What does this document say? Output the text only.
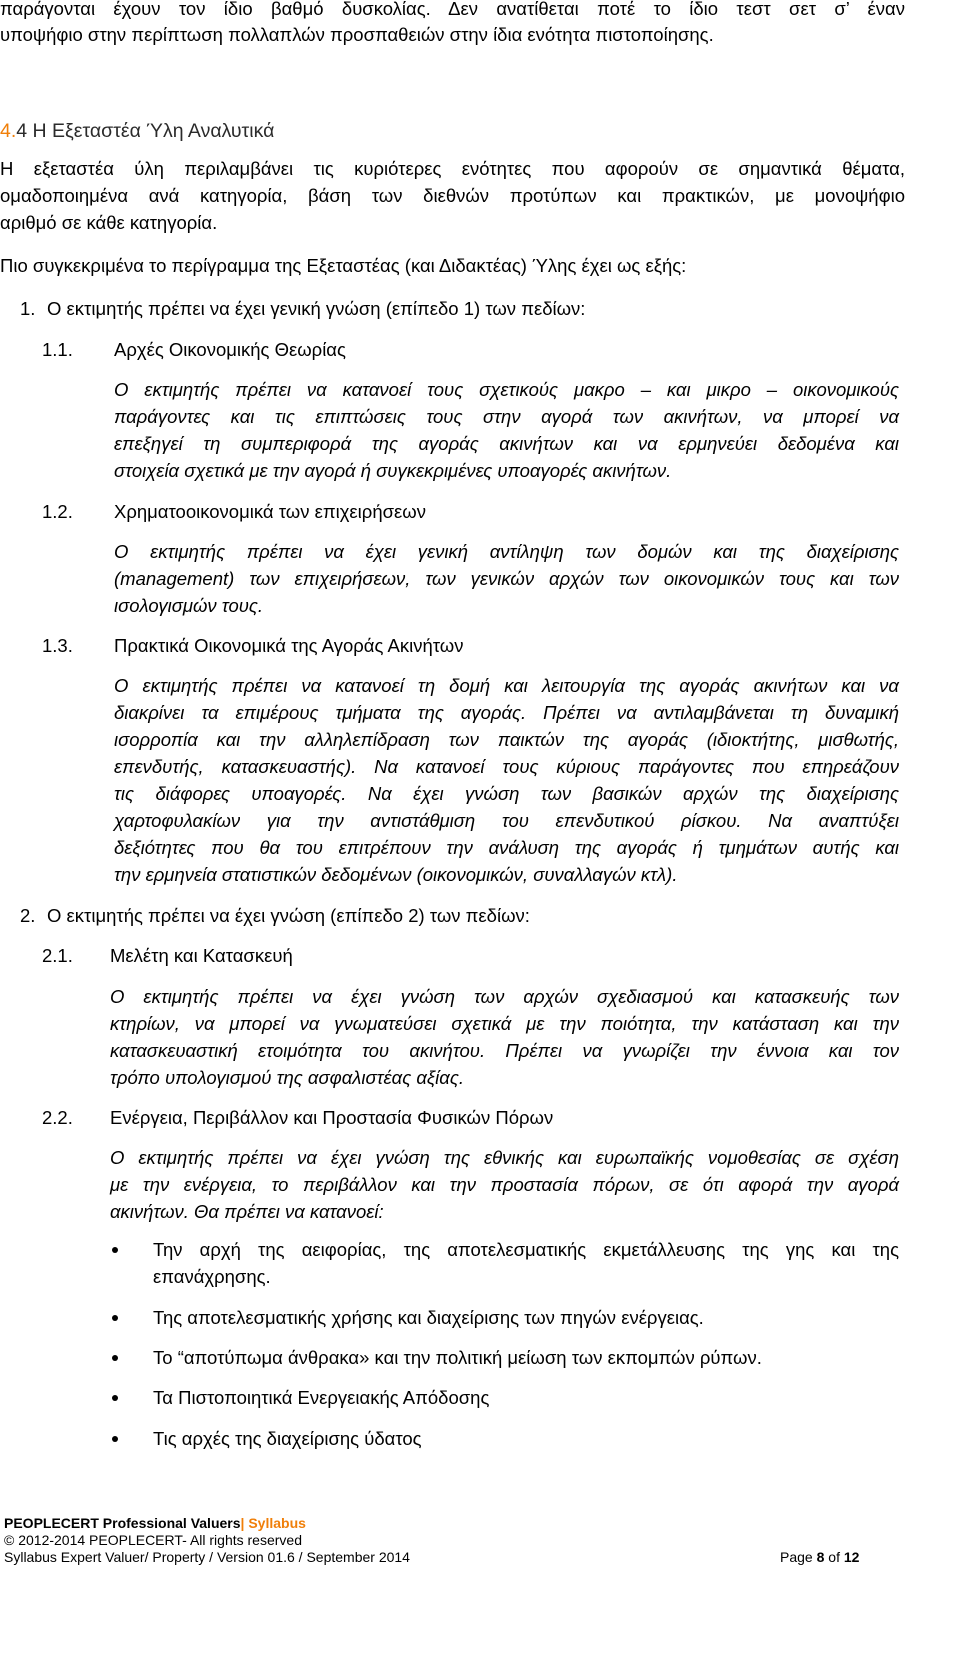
παράγονται έχουν τον ίδιο βαθμό δυσκολίας. Δεν ανατίθεται ποτέ το ίδιο τεστ σετ σ’ έναν
υποψήφιο στην περίπτωση πολλαπλών προσπαθειών στην ίδια ενότητα πιστοποίησης.
4.4 Η Εξεταστέα Ύλη Αναλυτικά
Η εξεταστέα ύλη περιλαμβάνει τις κυριότερες ενότητες που αφορούν σε σημαντικά θέματα,
ομαδοποιημένα ανά κατηγορία, βάση των διεθνών προτύπων και πρακτικών, με μονοψήφιο
αριθμό σε κάθε κατηγορία.
Πιο συγκεκριμένα το περίγραμμα της Εξεταστέας (και Διδακτέας) Ύλης έχει ως εξής:
1. Ο εκτιμητής πρέπει να έχει γενική γνώση (επίπεδο 1) των πεδίων:
1.1. Αρχές Οικονομικής Θεωρίας
Ο εκτιμητής πρέπει να κατανοεί τους σχετικούς μακρο – και μικρο – οικονομικούς
παράγοντες και τις επιπτώσεις τους στην αγορά των ακινήτων, να μπορεί να
επεξηγεί τη συμπεριφορά της αγοράς ακινήτων και να ερμηνεύει δεδομένα και
στοιχεία σχετικά με την αγορά ή συγκεκριμένες υποαγορές ακινήτων.
1.2. Χρηματοοικονομικά των επιχειρήσεων
Ο εκτιμητής πρέπει να έχει γενική αντίληψη των δομών και της διαχείρισης
(management) των επιχειρήσεων, των γενικών αρχών των οικονομικών τους και των
ισολογισμών τους.
1.3. Πρακτικά Οικονομικά της Αγοράς Ακινήτων
Ο εκτιμητής πρέπει να κατανοεί τη δομή και λειτουργία της αγοράς ακινήτων και να
διακρίνει τα επιμέρους τμήματα της αγοράς. Πρέπει να αντιλαμβάνεται τη δυναμική
ισορροπία και την αλληλεπίδραση των παικτών της αγοράς (ιδιοκτήτης, μισθωτής,
επενδυτής, κατασκευαστής). Να κατανοεί τους κύριους παράγοντες που επηρεάζουν
τις διάφορες υποαγορές. Να έχει γνώση των βασικών αρχών της διαχείρισης
χαρτοφυλακίων για την αντιστάθμιση του επενδυτικού ρίσκου. Να αναπτύξει
δεξιότητες που θα του επιτρέπουν την ανάλυση της αγοράς ή τμημάτων αυτής και
την ερμηνεία στατιστικών δεδομένων (οικονομικών, συναλλαγών κτλ).
2. Ο εκτιμητής πρέπει να έχει γνώση (επίπεδο 2) των πεδίων:
2.1. Μελέτη και Κατασκευή
Ο εκτιμητής πρέπει να έχει γνώση των αρχών σχεδιασμού και κατασκευής των
κτηρίων, να μπορεί να γνωματεύσει σχετικά με την ποιότητα, την κατάσταση και την
κατασκευαστική ετοιμότητα του ακινήτου. Πρέπει να γνωρίζει την έννοια και τον
τρόπο υπολογισμού της ασφαλιστέας αξίας.
2.2. Ενέργεια, Περιβάλλον και Προστασία Φυσικών Πόρων
Ο εκτιμητής πρέπει να έχει γνώση της εθνικής και ευρωπαϊκής νομοθεσίας σε σχέση
με την ενέργεια, το περιβάλλον και την προστασία πόρων, σε ότι αφορά την αγορά
ακινήτων. Θα πρέπει να κατανοεί:
Την αρχή της αειφορίας, της αποτελεσματικής εκμετάλλευσης της γης και της
επανάχρησης.
Της αποτελεσματικής χρήσης και διαχείρισης των πηγών ενέργειας.
Το “αποτύπωμα άνθρακα» και την πολιτική μείωση των εκπομπών ρύπων.
Τα Πιστοποιητικά Ενεργειακής Απόδοσης
Τις αρχές της διαχείρισης ύδατος
PEOPLECERT Professional Valuers| Syllabus
© 2012-2014 PEOPLECERT- All rights reserved
Syllabus Expert Valuer/ Property / Version 01.6 / September 2014	Page 8 of 12
